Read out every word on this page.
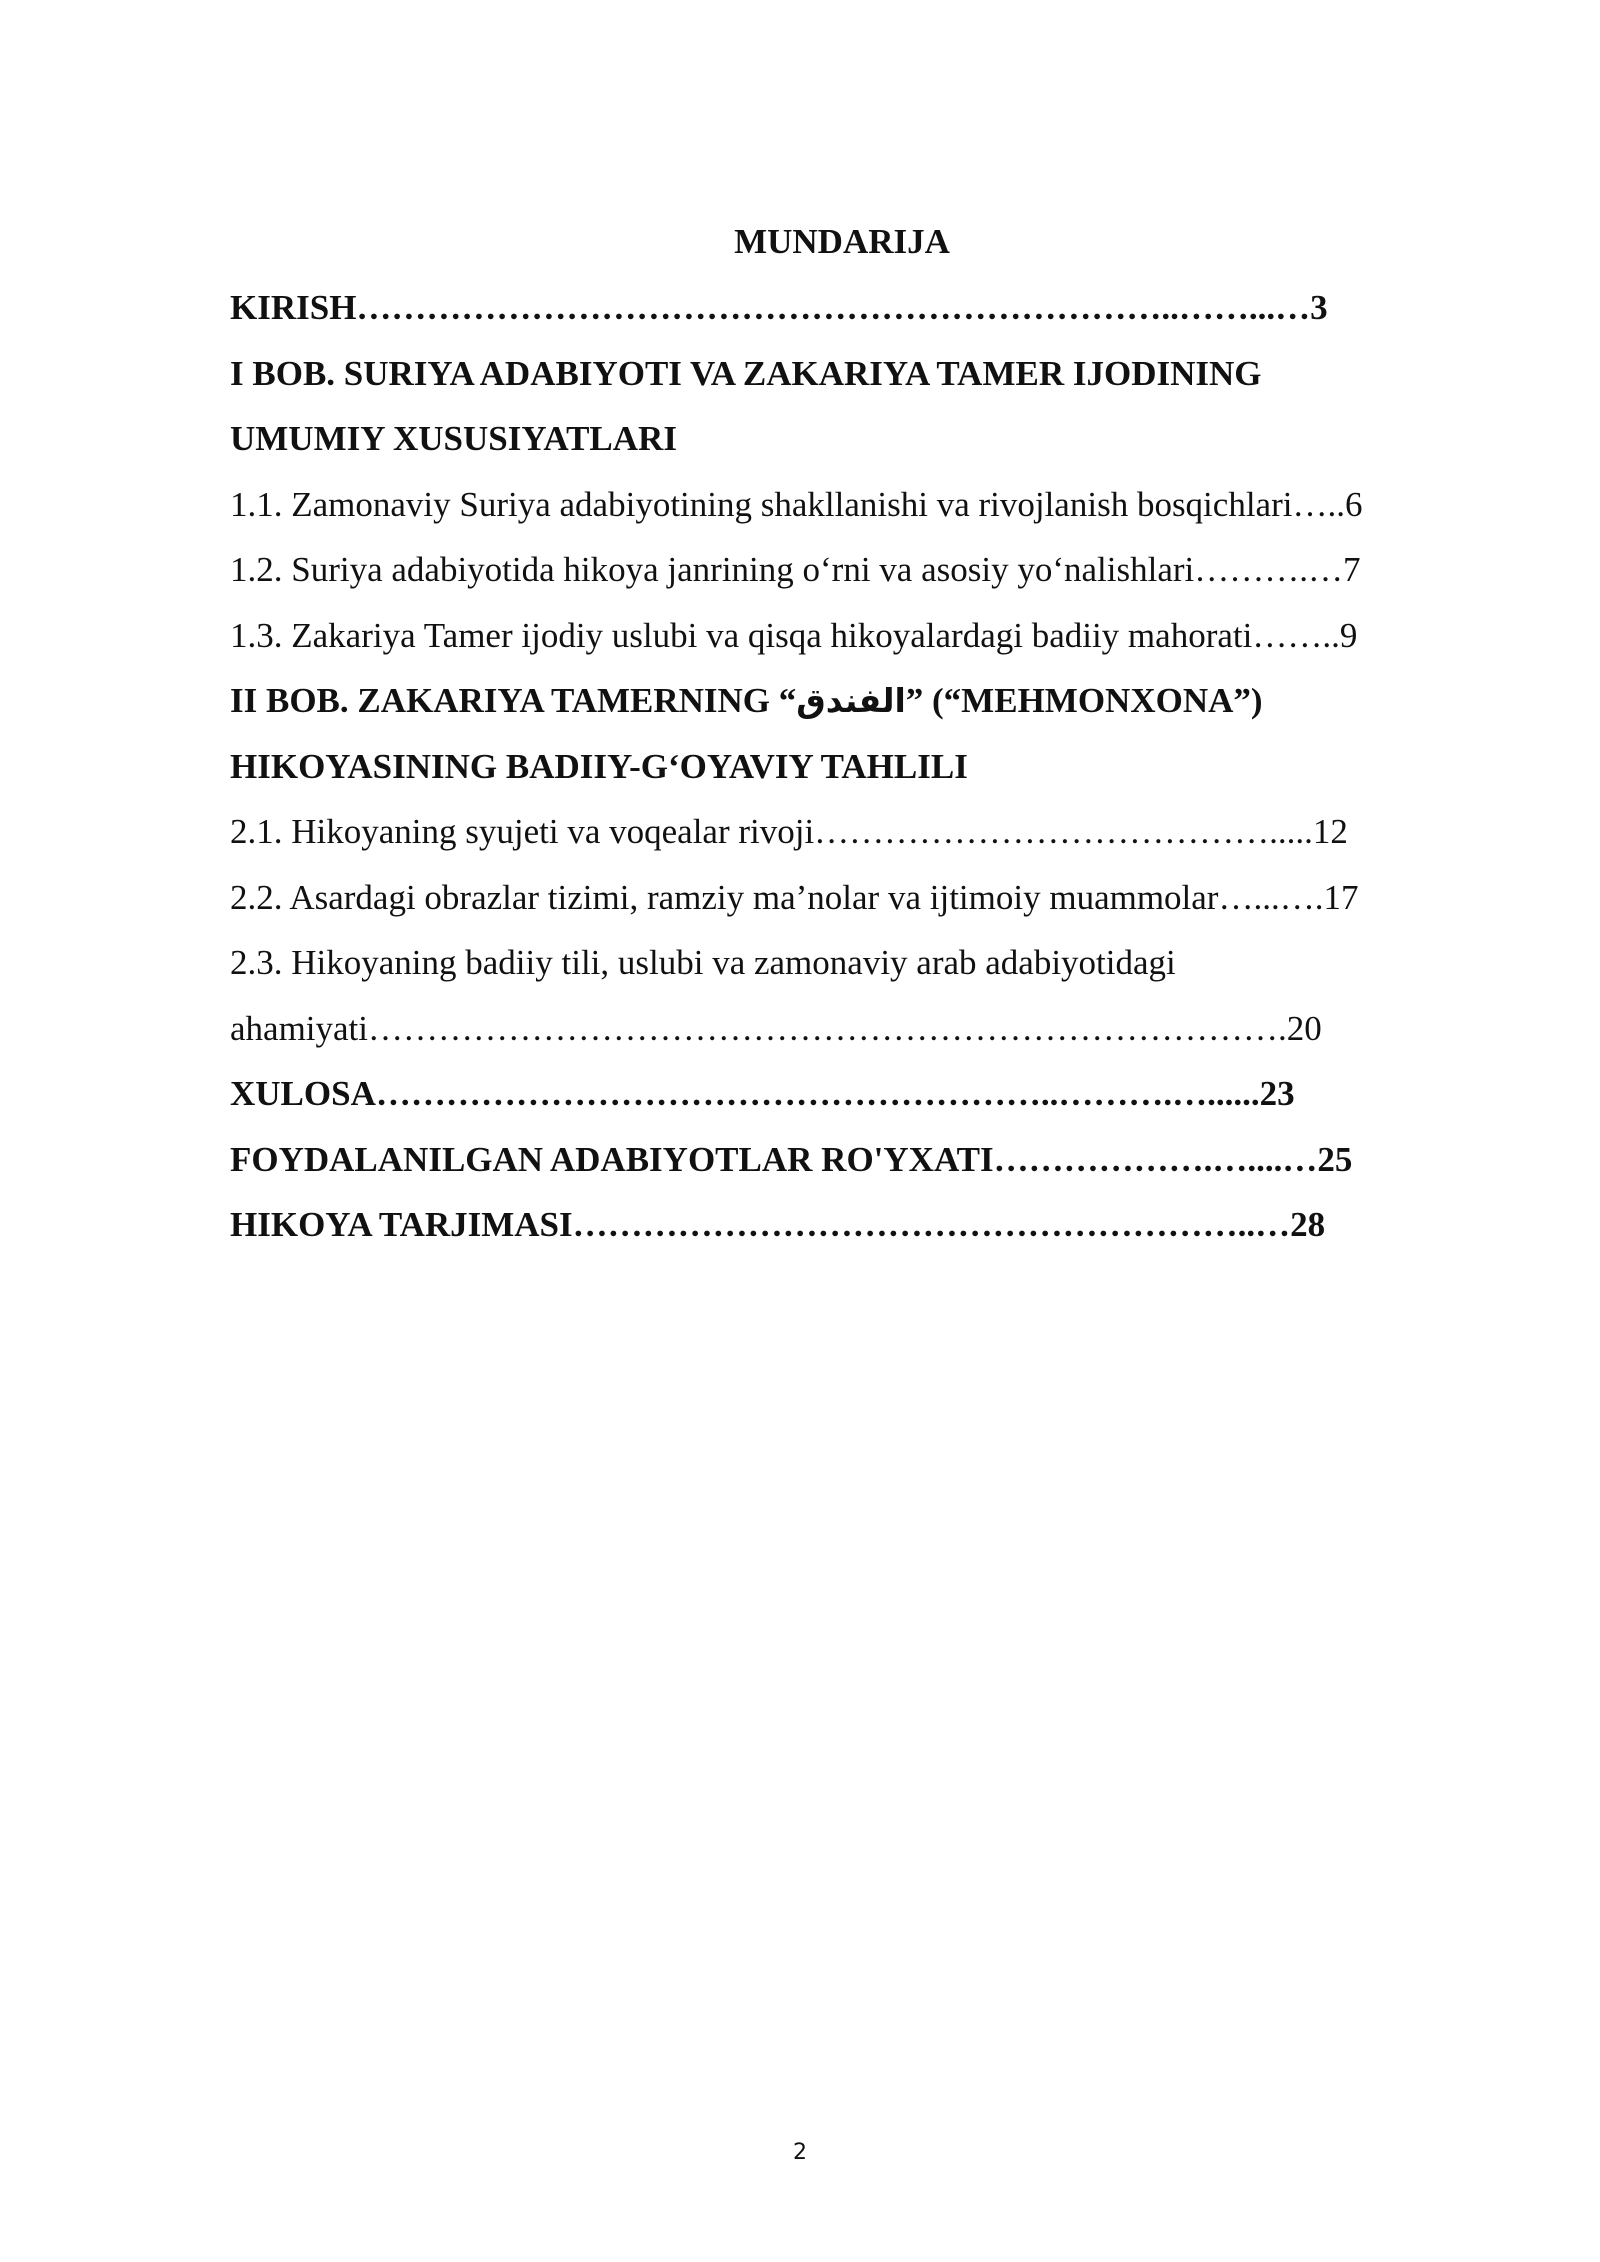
MUNDARIJA
KIRISH……………………………………………………………..……...…3
I BOB. SURIYA ADABIYOTI VA ZAKARIYA TAMER IJODINING
UMUMIY XUSUSIYATLARI
1.1. Zamonaviy Suriya adabiyotining shakllanishi va rivojlanish bosqichlari…..6
1.2. Suriya adabiyotida hikoya janrining o‘rni va asosiy yo‘nalishlari……….…7
1.3. Zakariya Tamer ijodiy uslubi va qisqa hikoyalardagi badiiy mahorati……..9
II BOB. ZAKARIYA TAMERNING “الفندق” (“MEHMONXONA”)
HIKOYASINING BADIIY-G‘OYAVIY TAHLILI
2.1. Hikoyaning syujeti va voqealar rivoji………………………………….....12
2.2. Asardagi obrazlar tizimi, ramziy ma’nolar va ijtimoiy muammolar…...….17
2.3. Hikoyaning badiiy tili, uslubi va zamonaviy arab adabiyotidagi
ahamiyati…………………………………………………………………….20
XULOSA…………………………………………………..……….…......23
FOYDALANILGAN ADABIYOTLAR RO'YXATI……………….…....…25
HIKOYA TARJIMASI…………………………………………………..…28
2
